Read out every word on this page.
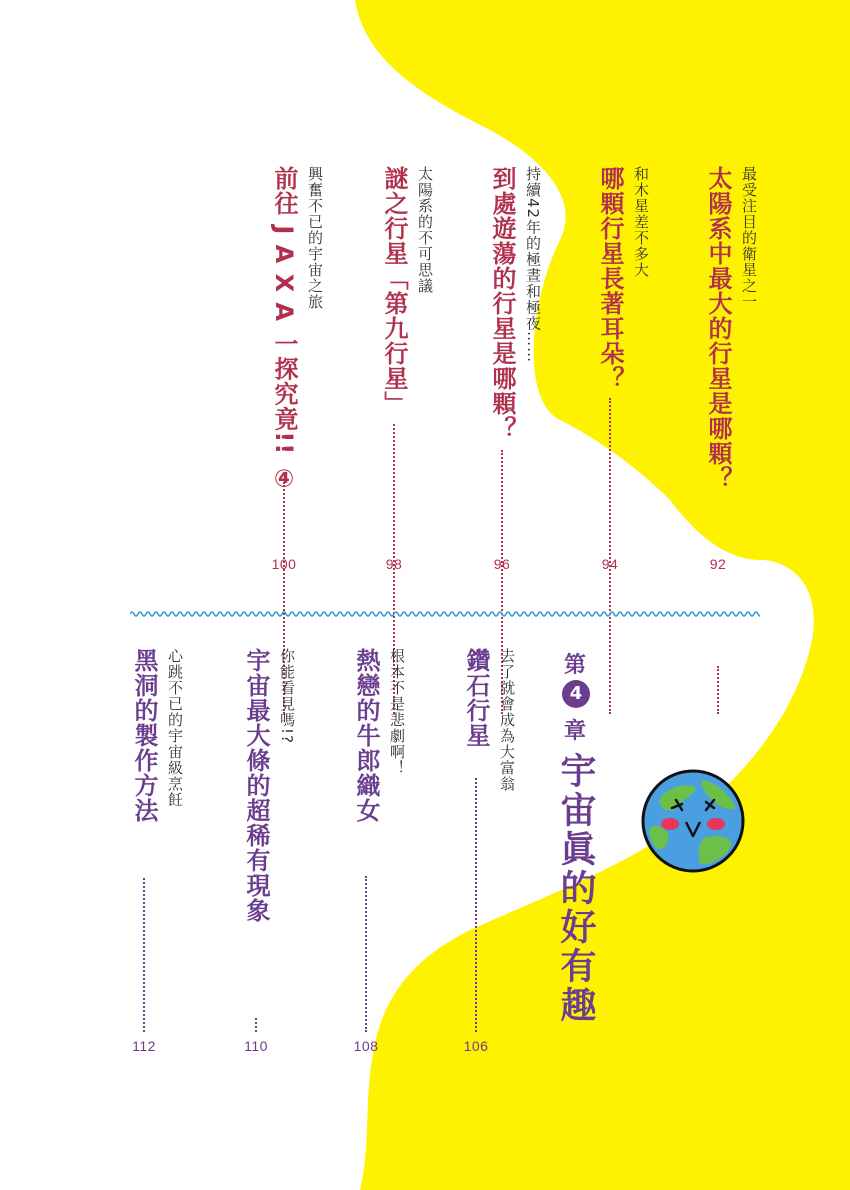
最受注目的衛星之一
太陽系中最大的行星是哪顆？
92
和木星差不多大
哪顆行星長著耳朵？
94
持續42年的極晝和極夜……
到處遊蕩的行星是哪顆？
96
太陽系的不可思議
謎之行星「第九行星」
98
興奮不已的宇宙之旅
前往 J A X A 一探究竟!! ④
100
第
4
章
宇宙眞的好有趣
去了就會成為大富翁
鑽石行星
106
根本不是悲劇啊！
熱戀的牛郎織女
108
你能看見嗎!?
宇宙最大條的超稀有現象
110
心跳不已的宇宙級烹飪
黑洞的製作方法
112
